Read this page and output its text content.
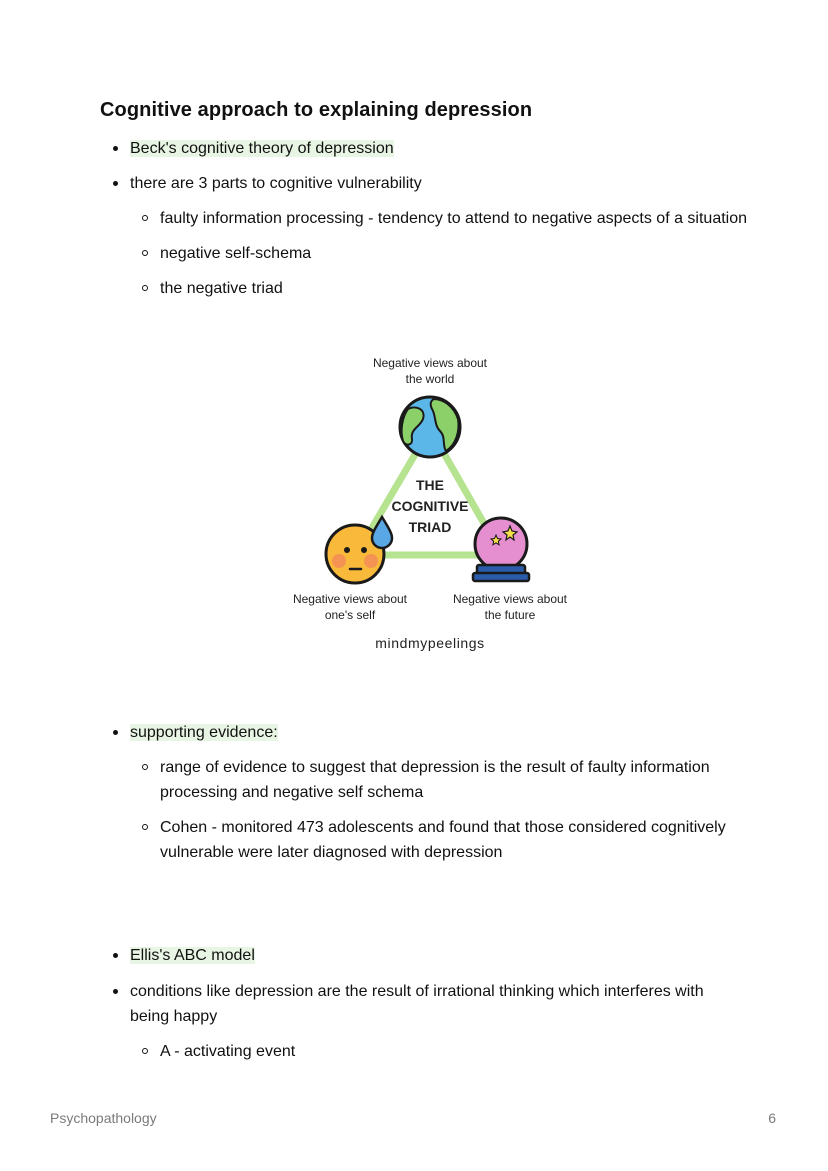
Cognitive approach to explaining depression
Beck's cognitive theory of depression
there are 3 parts to cognitive vulnerability
faulty information processing - tendency to attend to negative aspects of a situation
negative self-schema
the negative triad
Negative views about
the world
THE
COGNITIVE
TRIAD
Negative views about
one's self
Negative views about
the future
mindmypeelings
supporting evidence:
range of evidence to suggest that depression is the result of faulty information processing and negative self schema
Cohen - monitored 473 adolescents and found that those considered cognitively vulnerable were later diagnosed with depression
Ellis's ABC model
conditions like depression are the result of irrational thinking which interferes with being happy
A - activating event
Psychopathology	6
